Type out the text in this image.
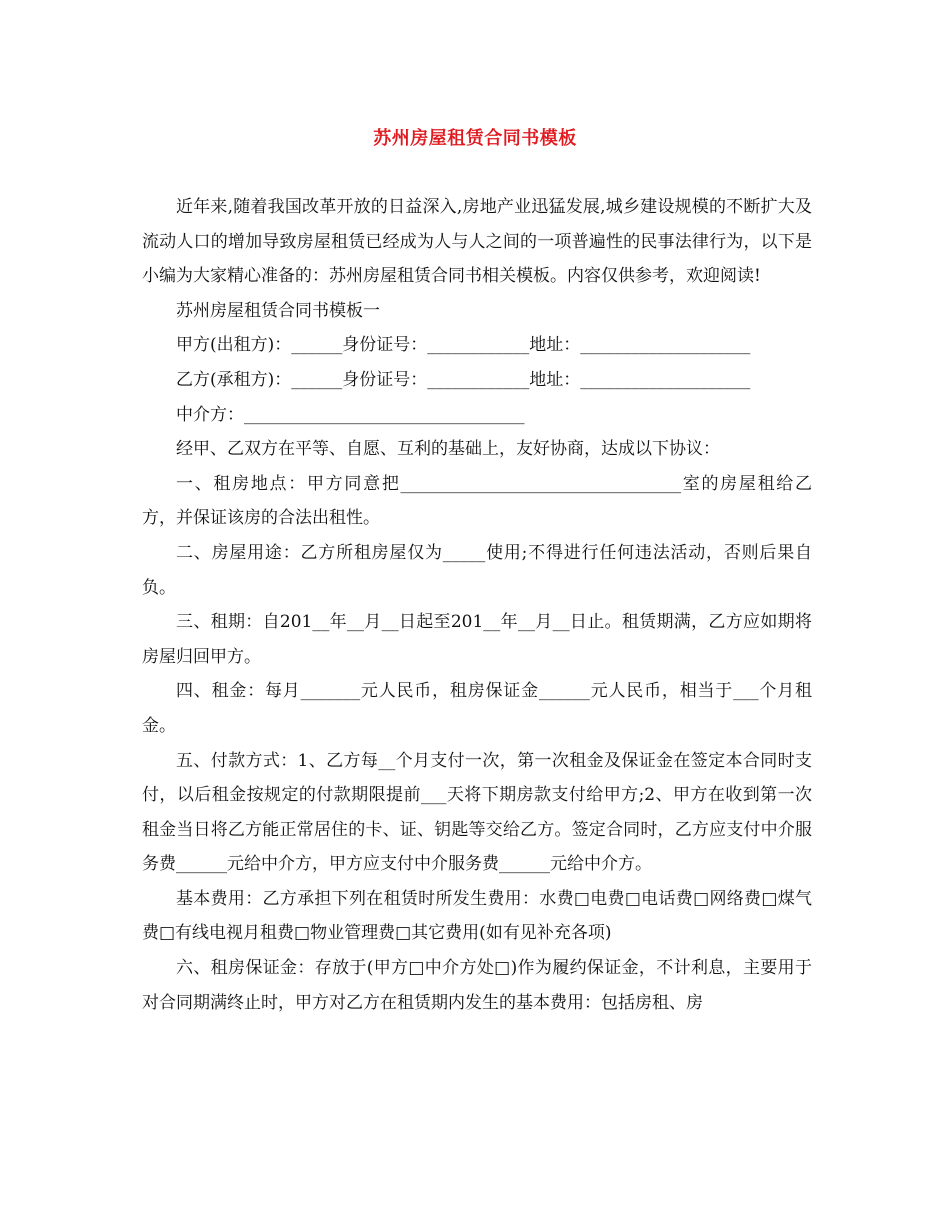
苏州房屋租赁合同书模板

近年来,随着我国改革开放的日益深入,房地产业迅猛发展,城乡建设规模的不断扩大及流动人口的增加导致房屋租赁已经成为人与人之间的一项普遍性的民事法律行为，以下是小编为大家精心准备的：苏州房屋租赁合同书相关模板。内容仅供参考，欢迎阅读!

苏州房屋租赁合同书模板一

甲方(出租方)：______身份证号：____________地址：____________________

乙方(承租方)：______身份证号：____________地址：____________________

中介方：_________________________________

经甲、乙双方在平等、自愿、互利的基础上，友好协商，达成以下协议：

一、租房地点：甲方同意把_________________________________室的房屋租给乙方，并保证该房的合法出租性。

二、房屋用途：乙方所租房屋仅为_____使用;不得进行任何违法活动，否则后果自负。

三、租期：自201__年__月__日起至201__年__月__日止。租赁期满，乙方应如期将房屋归回甲方。

四、租金：每月_______元人民币，租房保证金______元人民币，相当于___个月租金。

五、付款方式：1、乙方每__个月支付一次，第一次租金及保证金在签定本合同时支付，以后租金按规定的付款期限提前___天将下期房款支付给甲方;2、甲方在收到第一次租金当日将乙方能正常居住的卡、证、钥匙等交给乙方。签定合同时，乙方应支付中介服务费______元给中介方，甲方应支付中介服务费______元给中介方。

基本费用：乙方承担下列在租赁时所发生费用：水费□电费□电话费□网络费□煤气费□有线电视月租费□物业管理费□其它费用(如有见补充各项)

六、租房保证金：存放于(甲方□中介方处□)作为履约保证金，不计利息，主要用于对合同期满终止时，甲方对乙方在租赁期内发生的基本费用：包括房租、房
